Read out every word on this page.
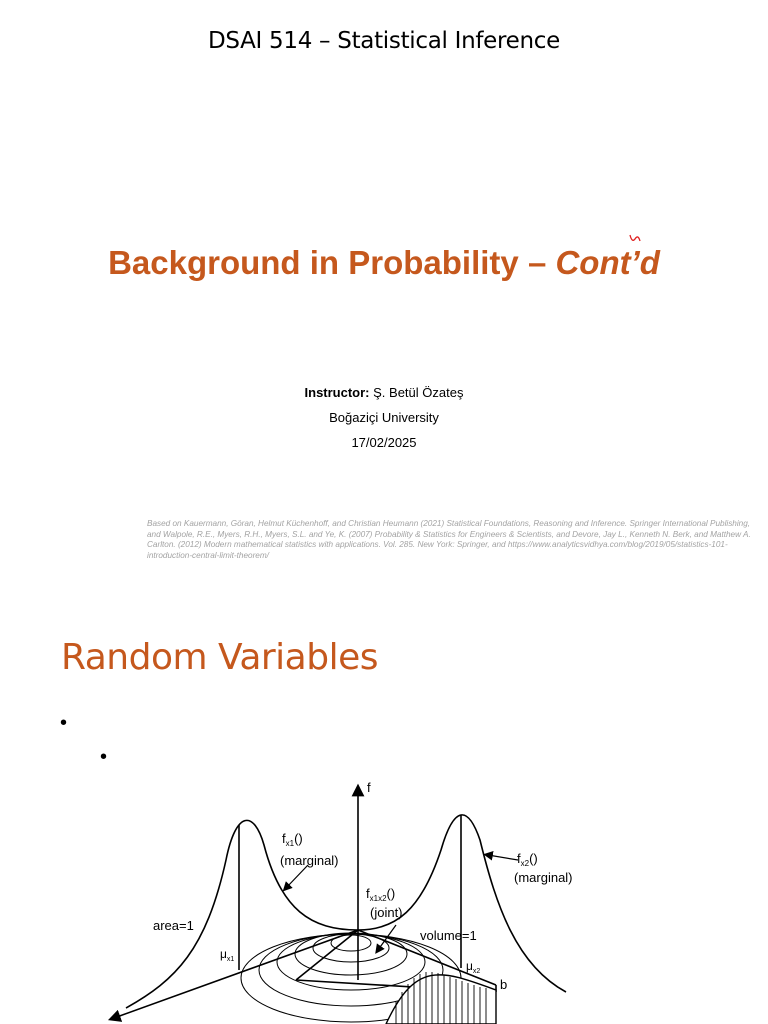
DSAI 514 – Statistical Inference
Background in Probability – Cont’d
Instructor: Ş. Betül Özateş
Boğaziçi University
17/02/2025
Based on Kauermann, Göran, Helmut Küchenhoff, and Christian Heumann (2021) Statistical Foundations, Reasoning and Inference. Springer International Publishing, and Walpole, R.E., Myers, R.H., Myers, S.L. and Ye, K. (2007) Probability & Statistics for Engineers & Scientists, and Devore, Jay L., Kenneth N. Berk, and Matthew A. Carlton. (2012) Modern mathematical statistics with applications. Vol. 285. New York: Springer, and https://www.analyticsvidhya.com/blog/2019/05/statistics-101-introduction-central-limit-theorem/
Random Variables
•
•
f
$f_{x1}()$
(marginal)	$f_{x2}()$
(marginal)
$f_{x1x2}()$
(joint)
area=1
volume=1
$\mu_{x1}$	$\mu_{x2}$
b
